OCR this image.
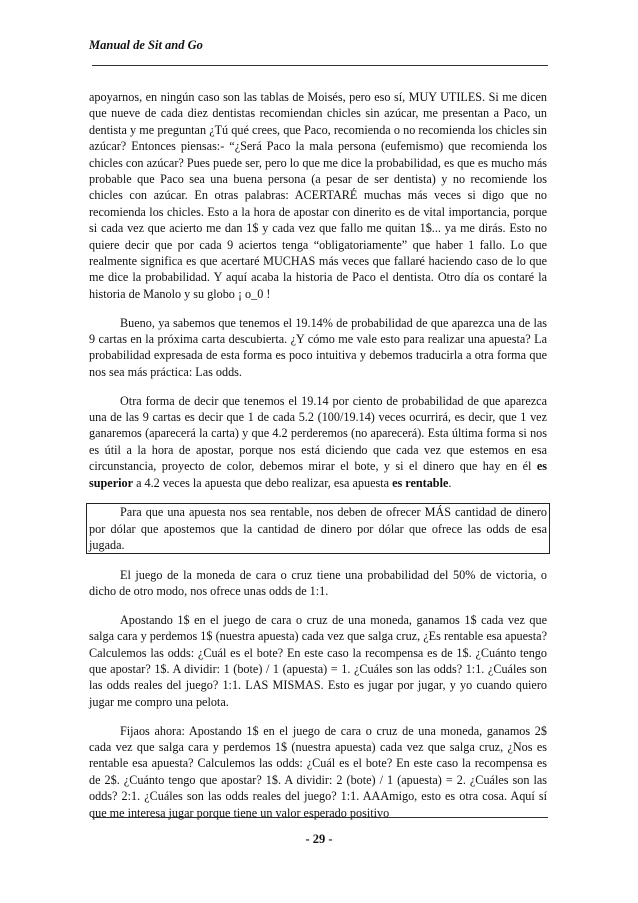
Manual de Sit and Go

apoyarnos, en ningún caso son las tablas de Moisés, pero eso sí, MUY UTILES. Si me dicen que nueve de cada diez dentistas recomiendan chicles sin azúcar, me presentan a Paco, un dentista y me preguntan ¿Tú qué crees, que Paco, recomienda o no recomienda los chicles sin azúcar? Entonces piensas:- “¿Será Paco la mala persona (eufemismo) que recomienda los chicles con azúcar? Pues puede ser, pero lo que me dice la probabilidad, es que es mucho más probable que Paco sea una buena persona (a pesar de ser dentista) y no recomiende los chicles con azúcar. En otras palabras: ACERTARÉ muchas más veces si digo que no recomienda los chicles. Esto a la hora de apostar con dinerito es de vital importancia, porque si cada vez que acierto me dan 1$ y cada vez que fallo me quitan 1$... ya me dirás. Esto no quiere decir que por cada 9 aciertos tenga “obligatoriamente” que haber 1 fallo. Lo que realmente significa es que acertaré MUCHAS más veces que fallaré haciendo caso de lo que me dice la probabilidad. Y aquí acaba la historia de Paco el dentista. Otro día os contaré la historia de Manolo y su globo ¡ o_0 !

Bueno, ya sabemos que tenemos el 19.14% de probabilidad de que aparezca una de las 9 cartas en la próxima carta descubierta. ¿Y cómo me vale esto para realizar una apuesta? La probabilidad expresada de esta forma es poco intuitiva y debemos traducirla a otra forma que nos sea más práctica: Las odds.

Otra forma de decir que tenemos el 19.14 por ciento de probabilidad de que aparezca una de las 9 cartas es decir que 1 de cada 5.2 (100/19.14) veces ocurrirá, es decir, que 1 vez ganaremos (aparecerá la carta) y que 4.2 perderemos (no aparecerá). Esta última forma si nos es útil a la hora de apostar, porque nos está diciendo que cada vez que estemos en esa circunstancia, proyecto de color, debemos mirar el bote, y si el dinero que hay en él es superior a 4.2 veces la apuesta que debo realizar, esa apuesta es rentable.

Para que una apuesta nos sea rentable, nos deben de ofrecer MÁS cantidad de dinero por dólar que apostemos que la cantidad de dinero por dólar que ofrece las odds de esa jugada.

El juego de la moneda de cara o cruz tiene una probabilidad del 50% de victoria, o dicho de otro modo, nos ofrece unas odds de 1:1.

Apostando 1$ en el juego de cara o cruz de una moneda, ganamos 1$ cada vez que salga cara y perdemos 1$ (nuestra apuesta) cada vez que salga cruz, ¿Es rentable esa apuesta? Calculemos las odds: ¿Cuál es el bote? En este caso la recompensa es de 1$. ¿Cuánto tengo que apostar? 1$. A dividir: 1 (bote) / 1 (apuesta) = 1. ¿Cuáles son las odds? 1:1. ¿Cuáles son las odds reales del juego? 1:1. LAS MISMAS. Esto es jugar por jugar, y yo cuando quiero jugar me compro una pelota.

Fijaos ahora: Apostando 1$ en el juego de cara o cruz de una moneda, ganamos 2$ cada vez que salga cara y perdemos 1$ (nuestra apuesta) cada vez que salga cruz, ¿Nos es rentable esa apuesta? Calculemos las odds: ¿Cuál es el bote? En este caso la recompensa es de 2$. ¿Cuánto tengo que apostar? 1$. A dividir: 2 (bote) / 1 (apuesta) = 2. ¿Cuáles son las odds? 2:1. ¿Cuáles son las odds reales del juego? 1:1. AAAmigo, esto es otra cosa. Aquí sí que me interesa jugar porque tiene un valor esperado positivo

- 29 -
